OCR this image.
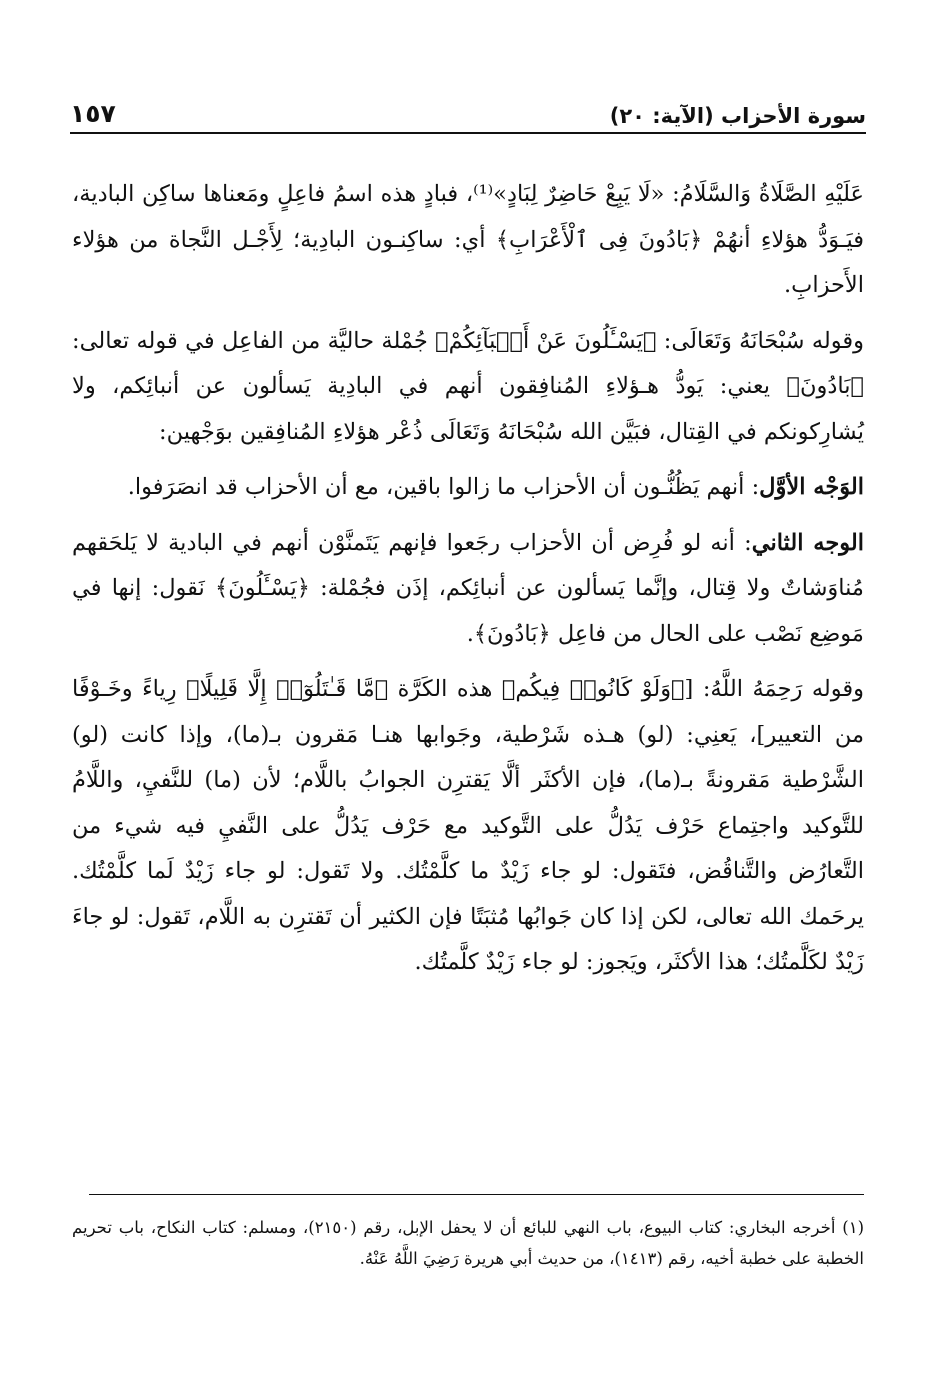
سورة الأحزاب (الآية: ٢٠)
١٥٧

عَلَيْهِ الصَّلَاةُ وَالسَّلَامُ: «لَا يَبِعْ حَاضِرٌ لِبَادٍ»⁽¹⁾، فبادٍ هذه اسمُ فاعِلٍ ومَعناها ساكِن البادية، فيَـوَدُّ هؤلاءِ أنهُمْ ﴿بَادُونَ فِى ٱلْأَعْرَابِ﴾ أي: ساكِنـون البادِية؛ لِأَجْـل النَّجاة من هؤلاء الأَحزابِ.

وقوله سُبْحَانَهُ وَتَعَالَى: ﴿يَسْـَٔلُونَ عَنْ أَنۢبَآئِكُمْ﴾ جُمْلة حاليَّة من الفاعِل في قوله تعالى: ﴿بَادُونَ﴾ يعني: يَودُّ هـؤلاءِ المُنافِقون أنهم في البادِية يَسألون عن أنبائِكم، ولا يُشارِكونكم في القِتال، فبَيَّن الله سُبْحَانَهُ وَتَعَالَى ذُعْر هؤلاءِ المُنافِقين بوَجْهين:

الوَجْه الأوَّل: أنهم يَظُنُّـون أن الأحزاب ما زالوا باقين، مع أن الأحزاب قد انصَرَفوا.

الوجه الثاني: أنه لو فُرِض أن الأحزاب رجَعوا فإنهم يَتَمنَّوْن أنهم في البادية لا يَلحَقهم مُناوَشاتٌ ولا قِتال، وإنَّما يَسألون عن أنبائِكم، إذَن فجُمْلة: ﴿يَسْـَٔلُونَ﴾ نَقول: إنها في مَوضِع نَصْب على الحال من فاعِل ﴿بَادُونَ﴾.

وقوله رَحِمَهُ اللَّهُ: [﴿وَلَوْ كَانُوا۟ فِيكُم﴾ هذه الكَرَّة ﴿مَّا قَـٰتَلُوٓا۟ إِلَّا قَلِيلًا﴾ رِياءً وخَـوْفًا من التعيير]، يَعنِي: (لو) هـذه شَرْطية، وجَوابها هنـا مَقرون بـ(ما)، وإذا كانت (لو) الشَّرْطية مَقرونةً بـ(ما)، فإن الأكثَر ألَّا يَقترِن الجوابُ باللَّام؛ لأن (ما) للنَّفيِ، واللَّامُ للتَّوكيد واجتِماع حَرْف يَدُلُّ على التَّوكيد مع حَرْف يَدُلُّ على النَّفيِ فيه شيء من التَّعارُض والتَّناقُض، فتَقول: لو جاء زَيْدٌ ما كلَّمْتُك. ولا تَقول: لو جاء زَيْدٌ لَما كلَّمْتُك. يرحَمك الله تعالى، لكن إذا كان جَوابُها مُثبَتًا فإن الكثير أن تَقترِن به اللَّام، تَقول: لو جاءَ زَيْدٌ لكَلَّمتُك؛ هذا الأكثَر، ويَجوز: لو جاء زَيْدٌ كلَّمتُك.

(١) أخرجه البخاري: كتاب البيوع، باب النهي للبائع أن لا يحفل الإبل، رقم (٢١٥٠)، ومسلم: كتاب النكاح، باب تحريم الخطبة على خطبة أخيه، رقم (١٤١٣)، من حديث أبي هريرة رَضِيَ اللَّهُ عَنْهُ.
